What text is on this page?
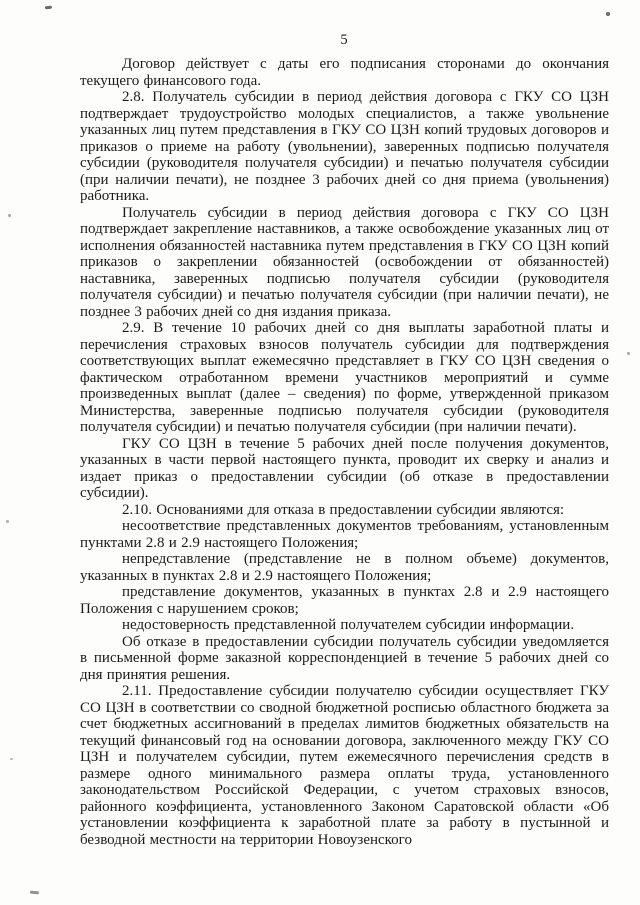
5

Договор действует с даты его подписания сторонами до окончания текущего финансового года.

2.8. Получатель субсидии в период действия договора с ГКУ СО ЦЗН подтверждает трудоустройство молодых специалистов, а также увольнение указанных лиц путем представления в ГКУ СО ЦЗН копий трудовых договоров и приказов о приеме на работу (увольнении), заверенных подписью получателя субсидии (руководителя получателя субсидии) и печатью получателя субсидии (при наличии печати), не позднее 3 рабочих дней со дня приема (увольнения) работника.

Получатель субсидии в период действия договора с ГКУ СО ЦЗН подтверждает закрепление наставников, а также освобождение указанных лиц от исполнения обязанностей наставника путем представления в ГКУ СО ЦЗН копий приказов о закреплении обязанностей (освобождении от обязанностей) наставника, заверенных подписью получателя субсидии (руководителя получателя субсидии) и печатью получателя субсидии (при наличии печати), не позднее 3 рабочих дней со дня издания приказа.

2.9. В течение 10 рабочих дней со дня выплаты заработной платы и перечисления страховых взносов получатель субсидии для подтверждения соответствующих выплат ежемесячно представляет в ГКУ СО ЦЗН сведения о фактическом отработанном времени участников мероприятий и сумме произведенных выплат (далее – сведения) по форме, утвержденной приказом Министерства, заверенные подписью получателя субсидии (руководителя получателя субсидии) и печатью получателя субсидии (при наличии печати).

ГКУ СО ЦЗН в течение 5 рабочих дней после получения документов, указанных в части первой настоящего пункта, проводит их сверку и анализ и издает приказ о предоставлении субсидии (об отказе в предоставлении субсидии).

2.10. Основаниями для отказа в предоставлении субсидии являются:

несоответствие представленных документов требованиям, установленным пунктами 2.8 и 2.9 настоящего Положения;

непредставление (представление не в полном объеме) документов, указанных в пунктах 2.8 и 2.9 настоящего Положения;

представление документов, указанных в пунктах 2.8 и 2.9 настоящего Положения с нарушением сроков;

недостоверность представленной получателем субсидии информации.

Об отказе в предоставлении субсидии получатель субсидии уведомляется в письменной форме заказной корреспонденцией в течение 5 рабочих дней со дня принятия решения.

2.11. Предоставление субсидии получателю субсидии осуществляет ГКУ СО ЦЗН в соответствии со сводной бюджетной росписью областного бюджета за счет бюджетных ассигнований в пределах лимитов бюджетных обязательств на текущий финансовый год на основании договора, заключенного между ГКУ СО ЦЗН и получателем субсидии, путем ежемесячного перечисления средств в размере одного минимального размера оплаты труда, установленного законодательством Российской Федерации, с учетом страховых взносов, районного коэффициента, установленного Законом Саратовской области «Об установлении коэффициента к заработной плате за работу в пустынной и безводной местности на территории Новоузенского
